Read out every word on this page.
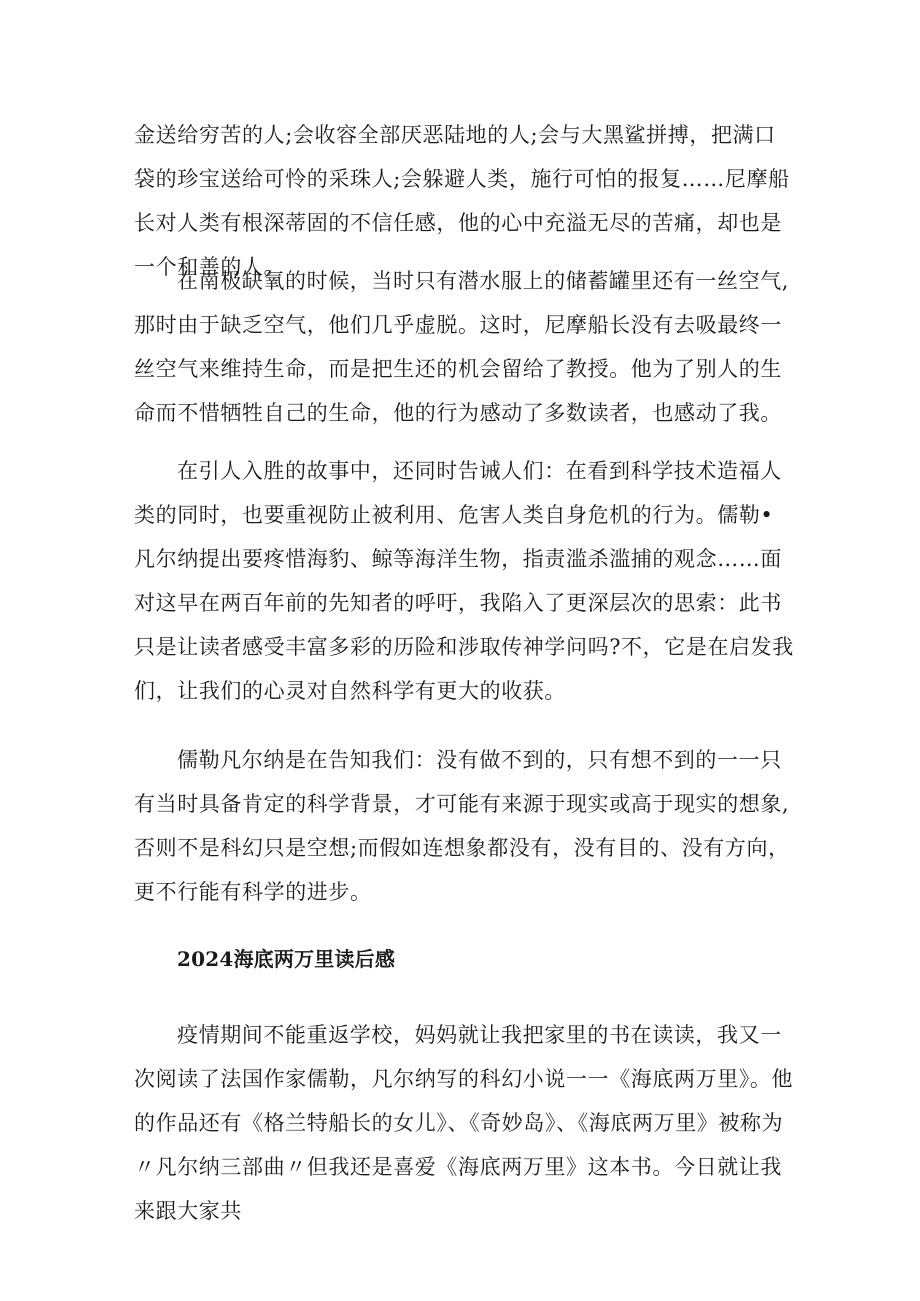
金送给穷苦的人;会收容全部厌恶陆地的人;会与大黑鲨拼搏，把满口袋的珍宝送给可怜的采珠人;会躲避人类，施行可怕的报复……尼摩船长对人类有根深蒂固的不信任感，他的心中充溢无尽的苦痛，却也是一个和善的人。

在南极缺氧的时候，当时只有潜水服上的储蓄罐里还有一丝空气,那时由于缺乏空气，他们几乎虚脱。这时，尼摩船长没有去吸最终一丝空气来维持生命，而是把生还的机会留给了教授。他为了别人的生命而不惜牺牲自己的生命，他的行为感动了多数读者，也感动了我。

在引人入胜的故事中，还同时告诫人们：在看到科学技术造福人类的同时，也要重视防止被利用、危害人类自身危机的行为。儒勒•凡尔纳提出要疼惜海豹、鲸等海洋生物，指责滥杀滥捕的观念……面对这早在两百年前的先知者的呼吁，我陷入了更深层次的思索：此书只是让读者感受丰富多彩的历险和涉取传神学问吗?不，它是在启发我们，让我们的心灵对自然科学有更大的收获。

儒勒凡尔纳是在告知我们：没有做不到的，只有想不到的一一只有当时具备肯定的科学背景，才可能有来源于现实或高于现实的想象,否则不是科幻只是空想;而假如连想象都没有，没有目的、没有方向，更不行能有科学的进步。

2024海底两万里读后感

疫情期间不能重返学校，妈妈就让我把家里的书在读读，我又一次阅读了法国作家儒勒，凡尔纳写的科幻小说一一《海底两万里》。他的作品还有《格兰特船长的女儿》、《奇妙岛》、《海底两万里》被称为〃凡尔纳三部曲〃但我还是喜爱《海底两万里》这本书。今日就让我来跟大家共
